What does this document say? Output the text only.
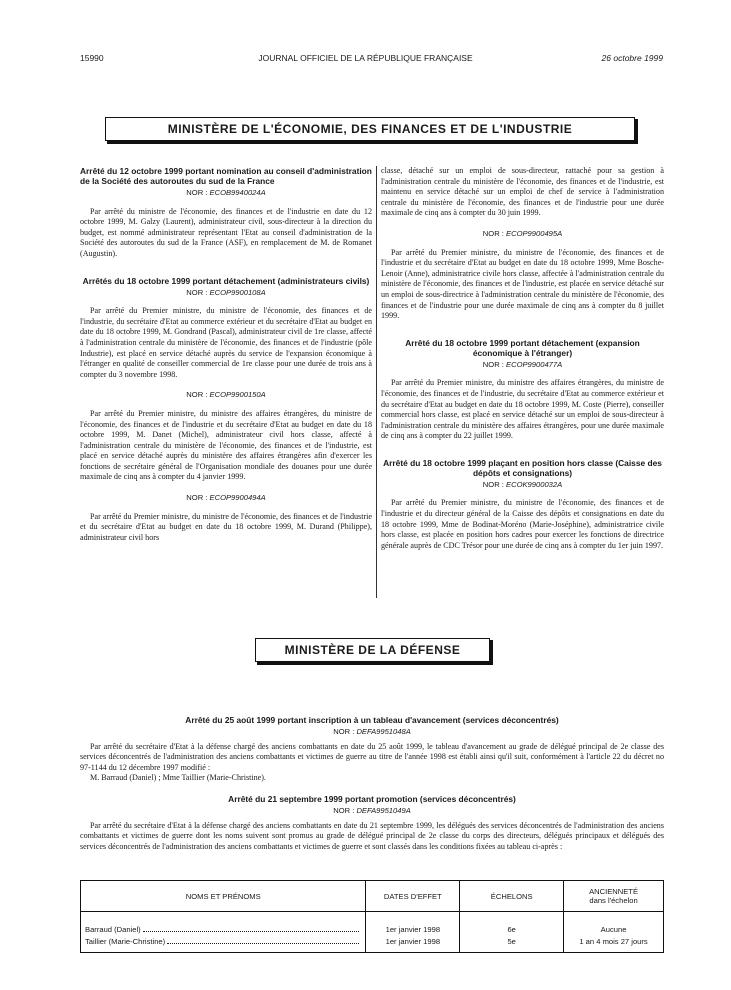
15990	JOURNAL OFFICIEL DE LA RÉPUBLIQUE FRANÇAISE	26 octobre 1999
MINISTÈRE DE L'ÉCONOMIE, DES FINANCES ET DE L'INDUSTRIE
Arrêté du 12 octobre 1999 portant nomination au conseil d'administration de la Société des autoroutes du sud de la France
NOR : ECOB9940024A

Par arrêté du ministre de l'économie, des finances et de l'industrie en date du 12 octobre 1999, M. Galzy (Laurent), administrateur civil, sous-directeur à la direction du budget, est nommé administrateur représentant l'Etat au conseil d'administration de la Société des autoroutes du sud de la France (ASF), en remplacement de M. de Romanet (Augustin).

Arrêtés du 18 octobre 1999 portant détachement (administrateurs civils)
NOR : ECOP9900108A

Par arrêté du Premier ministre, du ministre de l'économie, des finances et de l'industrie, du secrétaire d'Etat au commerce extérieur et du secrétaire d'Etat au budget en date du 18 octobre 1999, M. Gondrand (Pascal), administrateur civil de 1re classe, affecté à l'administration centrale du ministère de l'économie, des finances et de l'industrie (pôle Industrie), est placé en service détaché auprès du service de l'expansion économique à l'étranger en qualité de conseiller commercial de 1re classe pour une durée de trois ans à compter du 3 novembre 1998.

NOR : ECOP9900150A

Par arrêté du Premier ministre, du ministre des affaires étrangères, du ministre de l'économie, des finances et de l'industrie et du secrétaire d'Etat au budget en date du 18 octobre 1999, M. Danet (Michel), administrateur civil hors classe, affecté à l'administration centrale du ministère de l'économie, des finances et de l'industrie, est placé en service détaché auprès du ministère des affaires étrangères afin d'exercer les fonctions de secrétaire général de l'Organisation mondiale des douanes pour une durée maximale de cinq ans à compter du 4 janvier 1999.

NOR : ECOP9900494A

Par arrêté du Premier ministre, du ministre de l'économie, des finances et de l'industrie et du secrétaire d'Etat au budget en date du 18 octobre 1999, M. Durand (Philippe), administrateur civil hors

classe, détaché sur un emploi de sous-directeur, rattaché pour sa gestion à l'administration centrale du ministère de l'économie, des finances et de l'industrie, est maintenu en service détaché sur un emploi de chef de service à l'administration centrale du ministère de l'économie, des finances et de l'industrie pour une durée maximale de cinq ans à compter du 30 juin 1999.

NOR : ECOP9900495A

Par arrêté du Premier ministre, du ministre de l'économie, des finances et de l'industrie et du secrétaire d'Etat au budget en date du 18 octobre 1999, Mme Bosche-Lenoir (Anne), administratrice civile hors classe, affectée à l'administration centrale du ministère de l'économie, des finances et de l'industrie, est placée en service détaché sur un emploi de sous-directrice à l'administration centrale du ministère de l'économie, des finances et de l'industrie pour une durée maximale de cinq ans à compter du 8 juillet 1999.

Arrêté du 18 octobre 1999 portant détachement (expansion économique à l'étranger)
NOR : ECOP9900477A

Par arrêté du Premier ministre, du ministre des affaires étrangères, du ministre de l'économie, des finances et de l'industrie, du secrétaire d'Etat au commerce extérieur et du secrétaire d'Etat au budget en date du 18 octobre 1999, M. Coste (Pierre), conseiller commercial hors classe, est placé en service détaché sur un emploi de sous-directeur à l'administration centrale du ministère des affaires étrangères, pour une durée maximale de cinq ans à compter du 22 juillet 1999.

Arrêté du 18 octobre 1999 plaçant en position hors classe (Caisse des dépôts et consignations)
NOR : ECOK9900032A

Par arrêté du Premier ministre, du ministre de l'économie, des finances et de l'industrie et du directeur général de la Caisse des dépôts et consignations en date du 18 octobre 1999, Mme de Bodinat-Moréno (Marie-Joséphine), administratrice civile hors classe, est placée en position hors cadres pour exercer les fonctions de directrice générale auprès de CDC Trésor pour une durée de cinq ans à compter du 1er juin 1997.

MINISTÈRE DE LA DÉFENSE
Arrêté du 25 août 1999 portant inscription à un tableau d'avancement (services déconcentrés)
NOR : DEFA9951048A

Par arrêté du secrétaire d'Etat à la défense chargé des anciens combattants en date du 25 août 1999, le tableau d'avancement au grade de délégué principal de 2e classe des services déconcentrés de l'administration des anciens combattants et victimes de guerre au titre de l'année 1998 est établi ainsi qu'il suit, conformément à l'article 22 du décret no 97-1144 du 12 décembre 1997 modifié :

M. Barraud (Daniel) ; Mme Taillier (Marie-Christine).

Arrêté du 21 septembre 1999 portant promotion (services déconcentrés)
NOR : DEFA9951049A

Par arrêté du secrétaire d'Etat à la défense chargé des anciens combattants en date du 21 septembre 1999, les délégués des services déconcentrés de l'administration des anciens combattants et victimes de guerre dont les noms suivent sont promus au grade de délégué principal de 2e classe du corps des directeurs, délégués principaux et délégués des services déconcentrés de l'administration des anciens combattants et victimes de guerre et sont classés dans les conditions fixées au tableau ci-après :

NOMS ET PRÉNOMS	DATES D'EFFET	ÉCHELONS	ANCIENNETÉ
dans l'échelon

Barraud (Daniel)	1er janvier 1998	6e	Aucune

Taillier (Marie-Christine)	1er janvier 1998	5e	1 an 4 mois 27 jours
